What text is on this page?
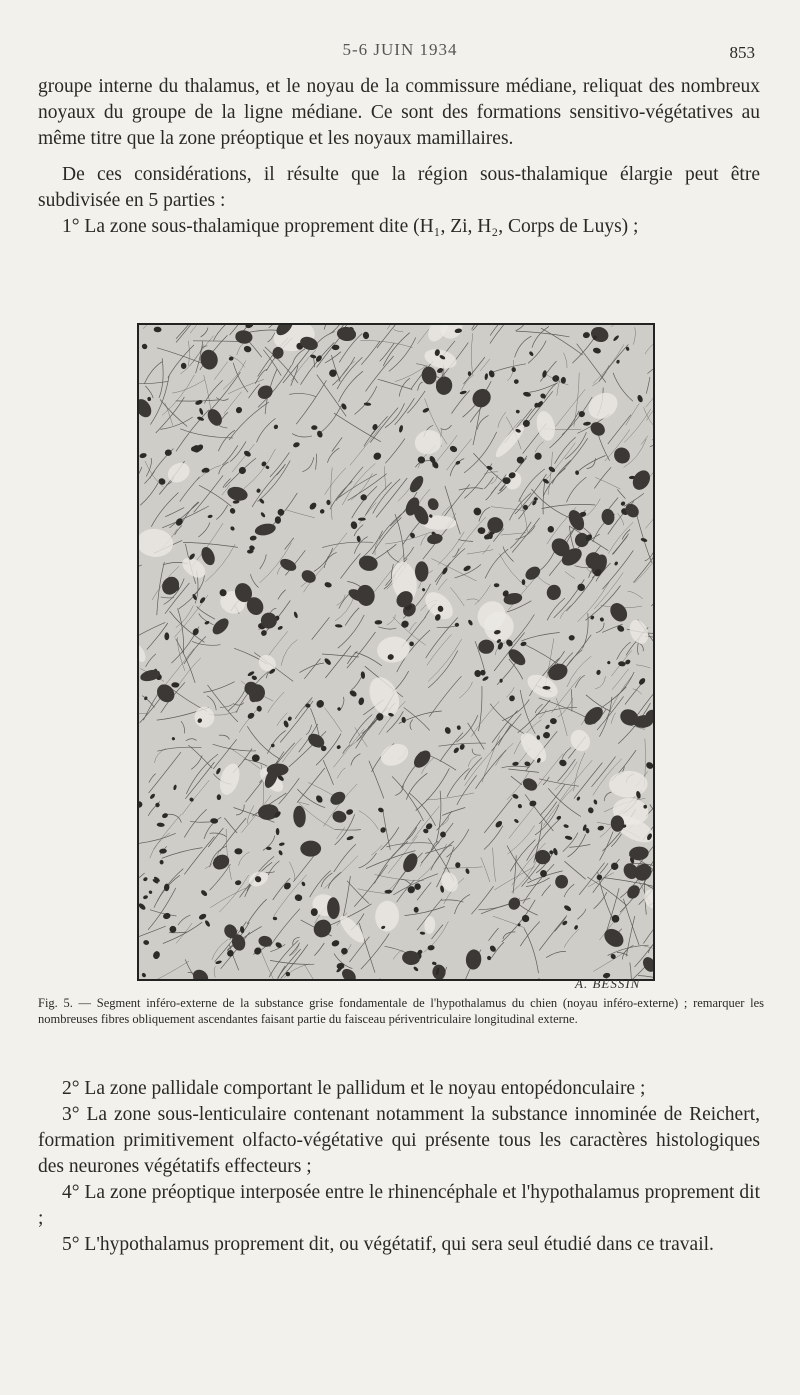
5-6 JUIN 1934	853

groupe interne du thalamus, et le noyau de la commissure médiane, reliquat des nombreux noyaux du groupe de la ligne médiane. Ce sont des formations sensitivo-végétatives au même titre que la zone préoptique et les noyaux mamillaires.

De ces considérations, il résulte que la région sous-thalamique élargie peut être subdivisée en 5 parties :

1° La zone sous-thalamique proprement dite (H₁, Zi, H₂, Corps de Luys) ;

A. BESSIN

Fig. 5. — Segment inféro-externe de la substance grise fondamentale de l'hypothalamus du chien (noyau inféro-externe) ; remarquer les nombreuses fibres obliquement ascendantes faisant partie du faisceau périventriculaire longitudinal externe.

2° La zone pallidale comportant le pallidum et le noyau entopédonculaire ;

3° La zone sous-lenticulaire contenant notamment la substance innominée de Reichert, formation primitivement olfacto-végétative qui présente tous les caractères histologiques des neurones végétatifs effecteurs ;

4° La zone préoptique interposée entre le rhinencéphale et l'hypothalamus proprement dit ;

5° L'hypothalamus proprement dit, ou végétatif, qui sera seul étudié dans ce travail.
